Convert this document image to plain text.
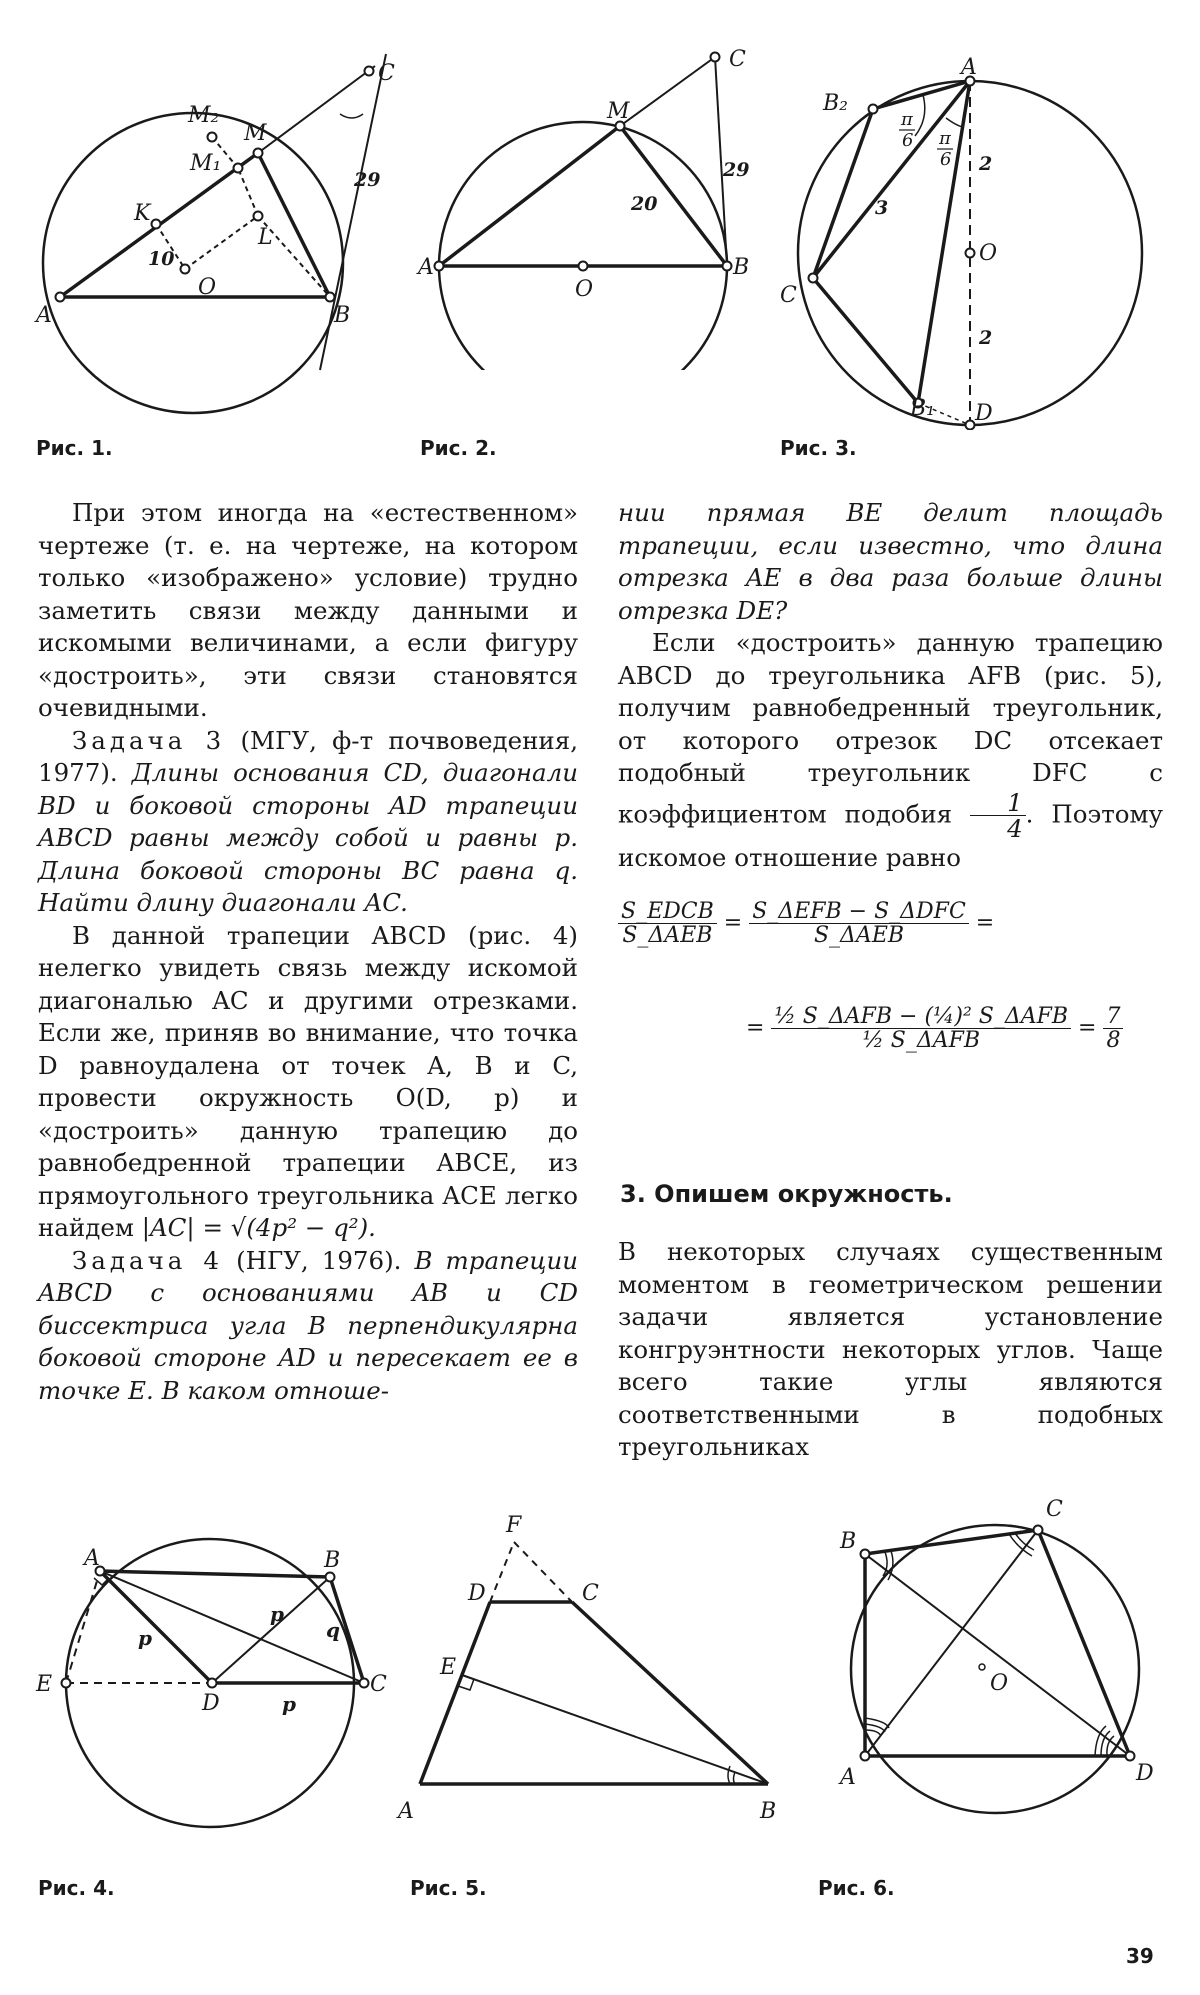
M₂
M
M₁
K
L
O
A	B
C
10
29
Рис. 1.
M
C
A	B
O
20
29
Рис. 2.
A
B₂
C
B₁ D
O
3
2
2
π
6 π
6
Рис. 3.

При этом иногда на «естественном» чертеже (т. е. на чертеже, на котором только «изображено» условие) трудно заметить связи между данными и искомыми величинами, а если фигуру «достроить», эти связи становятся очевидными.

Задача 3 (МГУ, ф-т почвоведения, 1977). Длины основания CD, диагонали BD и боковой стороны AD трапеции ABCD равны между собой и равны p. Длина боковой стороны BC равна q. Найти длину диагонали AC.

В данной трапеции ABCD (рис. 4) нелегко увидеть связь между искомой диагональю AC и другими отрезками. Если же, приняв во внимание, что точка D равноудалена от точек A, B и C, провести окружность O(D, p) и «достроить» данную трапецию до равнобедренной трапеции ABCE, из прямоугольного треугольника ACE легко найдем |AC| = √(4p² − q²).

Задача 4 (НГУ, 1976). В трапеции ABCD с основаниями AB и CD биссектриса угла B перпендикулярна боковой стороне AD и пересекает ее в точке E. В каком отноше-

нии прямая BE делит площадь трапеции, если известно, что длина отрезка AE в два раза больше длины отрезка DE?

Если «достроить» данную трапецию ABCD до треугольника AFB (рис. 5), получим равнобедренный треугольник, от которого отрезок DC отсекает подобный треугольник DFC с коэффициентом подобия $\frac{1}{4}$ . Поэтому искомое отношение равно

$\frac{\text{S\_EDCB}}{\text{S\_ΔAEB}} = \frac{\text{S\_ΔEFB − S\_ΔDFC}}{\text{S\_ΔAEB}}$ =
= $\frac{\text{½ S\_ΔAFB − (¼)² S\_ΔAFB}}{\text{½ S\_ΔAFB}} = \frac{7}{8}$
3. Опишем окружность.

В некоторых случаях существенным моментом в геометрическом решении задачи является установление конгруэнтности некоторых углов. Чаще всего такие углы являются соответственными в подобных треугольниках

A	B
C
D
E
p
p
p
q
Рис. 4.
F
D	C
E
A	B
Рис. 5.
B
C
A	D
O
Рис. 6.
39
